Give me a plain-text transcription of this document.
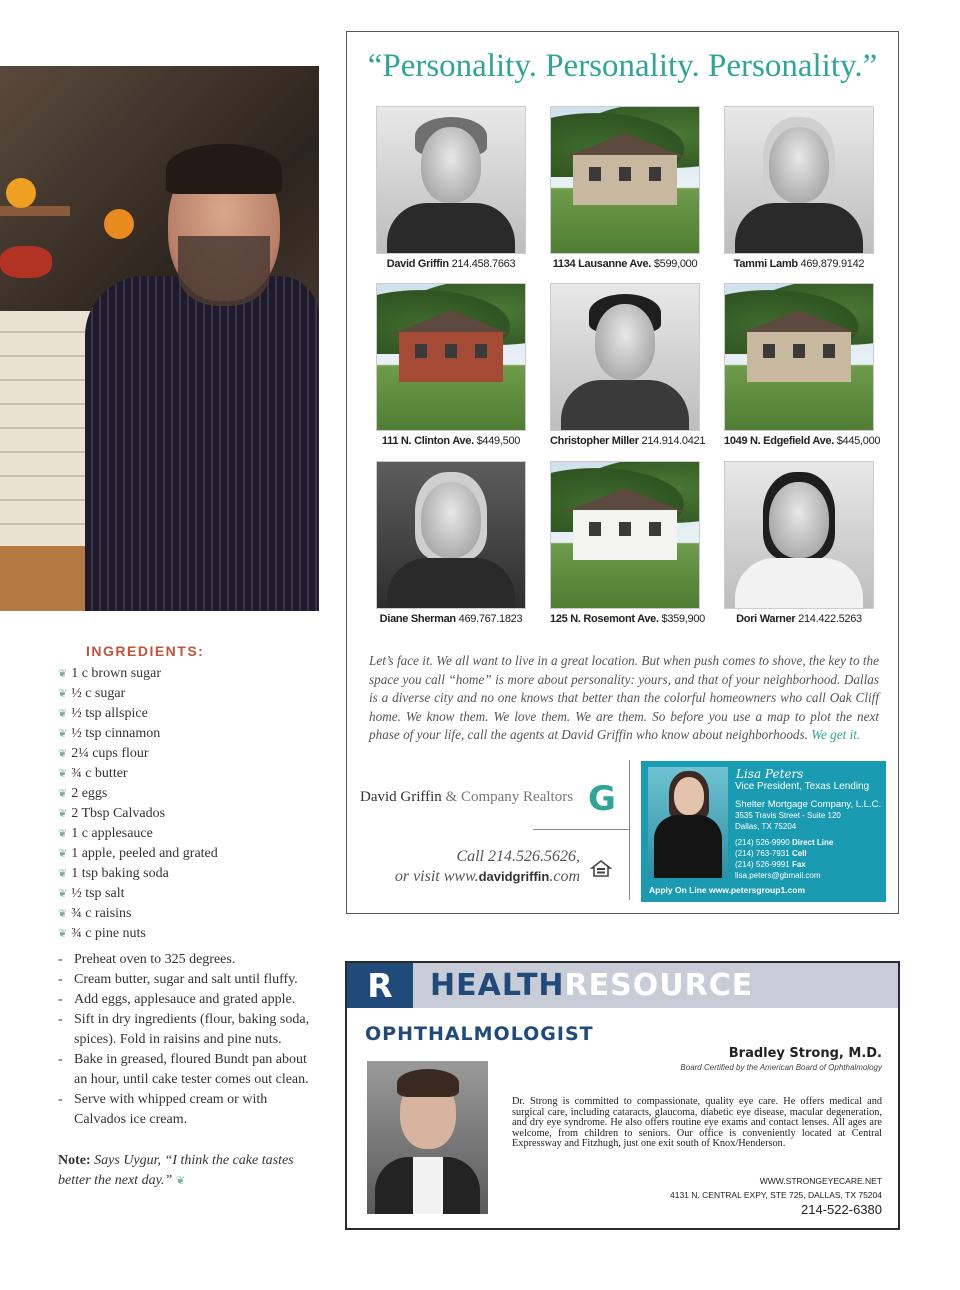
INGREDIENTS:
❦ 1 c brown sugar
❦ ½ c sugar
❦ ½ tsp allspice
❦ ½ tsp cinnamon
❦ 2¼ cups flour
❦ ¾ c butter
❦ 2 eggs
❦ 2 Tbsp Calvados
❦ 1 c applesauce
❦ 1 apple, peeled and grated
❦ 1 tsp baking soda
❦ ½ tsp salt
❦ ¾ c raisins
❦ ¾ c pine nuts
- Preheat oven to 325 degrees.
- Cream butter, sugar and salt until fluffy.
- Add eggs, applesauce and grated apple.
- Sift in dry ingredients (flour, baking soda, spices). Fold in raisins and pine nuts.
- Bake in greased, floured Bundt pan about an hour, until cake tester comes out clean.
- Serve with whipped cream or with Calvados ice cream.
Note: Says Uygur, “I think the cake tastes better the next day.” ❦
“Personality. Personality. Personality.”
David Griffin 214.458.7663	1134 Lausanne Ave. $599,000	Tammi Lamb 469.879.9142
111 N. Clinton Ave. $449,500	Christopher Miller 214.914.0421 1049 N. Edgefield Ave. $445,000
Diane Sherman 469.767.1823	125 N. Rosemont Ave. $359,900	Dori Warner 214.422.5263
Let’s face it. We all want to live in a great location. But when push comes to shove, the key to the space you call “home” is more about personality: yours, and that of your neighborhood. Dallas is a diverse city and no one knows that better than the colorful homeowners who call Oak Cliff home. We know them. We love them. We are them. So before you use a map to plot the next phase of your life, call the agents at David Griffin who know about neighborhoods. We get it.
David Griffin & Company Realtors G
Call 214.526.5626,
or visit www.davidgriffin.com
Lisa Peters
Vice President, Texas Lending
Shelter Mortgage Company, L.L.C.
3535 Travis Street - Suite 120
Dallas, TX 75204
(214) 526-9990 Direct Line
(214) 763-7931 Cell
(214) 526-9991 Fax
lisa.peters@gbmail.com
Apply On Line www.petersgroup1.com
R	HEALTHRESOURCE
OPHTHALMOLOGIST
Bradley Strong, M.D.
Board Certified by the American Board of Ophthalmology
Dr. Strong is committed to compassionate, quality eye care. He offers medical and surgical care, including cataracts, glaucoma, diabetic eye disease, macular degeneration, and dry eye syndrome. He also offers routine eye exams and contact lenses. All ages are welcome, from children to seniors. Our office is conveniently located at Central Expressway and Fitzhugh, just one exit south of Knox/Henderson.
WWW.STRONGEYECARE.NET
4131 N. CENTRAL EXPY, STE 725, DALLAS, TX 75204
214-522-6380
